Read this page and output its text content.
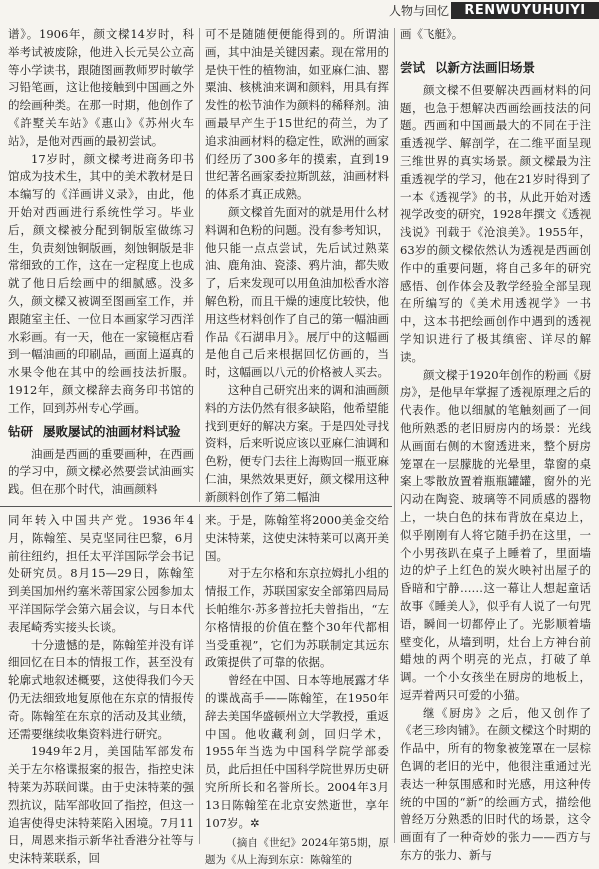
人物与回忆	RENWUYUHUIYI

谱》。1906年，颜文樑14岁时，科举考试被废除，他进入长元吴公立高等小学读书，跟随图画教师罗时敏学习铅笔画，这让他接触到中国画之外的绘画种类。在那一时期，他创作了《許墅关车站》《惠山》《苏州火车站》，是他对西画的最初尝试。

17岁时，颜文樑考进商务印书馆成为技术生，其中的美术教材是日本编写的《洋画讲义录》，由此，他开始对西画进行系统性学习。毕业后，颜文樑被分配到铜版室做练习生，负责刻蚀铜版画，刻蚀铜版是非常细致的工作，这在一定程度上也成就了他日后绘画中的细腻感。没多久，颜文樑又被调至图画室工作，并跟随室主任、一位日本画家学习西洋水彩画。有一天，他在一家镜框店看到一幅油画的印刷品，画面上逼真的水果令他在其中的绘画技法折服。1912年，颜文樑辞去商务印书馆的工作，回到苏州专心学画。

钻研 屡败屡试的油画材料试验

油画是西画的重要画种，在西画的学习中，颜文樑必然要尝试油画实践。但在那个时代，油画颜料

可不是随随便便能得到的。所谓油画，其中油是关键因素。现在常用的是快干性的植物油，如亚麻仁油、罂粟油、核桃油来调和颜料，用具有挥发性的松节油作为颜料的稀释剂。油画最早产生于15世纪的荷兰，为了追求油画材料的稳定性，欧洲的画家们经历了300多年的摸索，直到19世纪著名画家委拉斯凯兹，油画材料的体系才真正成熟。

颜文樑首先面对的就是用什么材料调和色粉的问题。没有参考知识，他只能一点点尝试，先后试过熟菜油、鹿角油、瓷漆、鸦片油，都失败了，后来发现可以用鱼油加松香水溶解色粉，而且干燥的速度比较快，他用这些材料创作了自己的第一幅油画作品《石湖串月》。展厅中的这幅画是他自己后来根据回忆仿画的，当时，这幅画以八元的价格被人买去。

这种自己研究出来的调和油画颜料的方法仍然有很多缺陷，他希望能找到更好的解决方案。于是四处寻找资料，后来听说应该以亚麻仁油调和色粉，便专门去往上海购回一瓶亚麻仁油，果然效果更好，颜文樑用这种新颜料创作了第二幅油

画《飞艇》。

尝试 以新方法画旧场景

颜文樑不但要解决西画材料的问题，也急于想解决西画绘画技法的问题。西画和中国画最大的不同在于注重透视学、解剖学，在二维平面呈现三维世界的真实场景。颜文樑最为注重透视学的学习，他在21岁时得到了一本《透视学》的书，从此开始对透视学改变的研究，1928年撰文《透视浅说》刊载于《沧浪美》。1955年，63岁的颜文樑依然认为透视是西画创作中的重要问题，将自己多年的研究感悟、创作体会及教学经验全部呈现在所编写的《美术用透视学》一书中，这本书把绘画创作中遇到的透视学知识进行了极其缜密、详尽的解读。

颜文樑于1920年创作的粉画《厨房》，是他早年掌握了透视原理之后的代表作。他以细腻的笔触刻画了一间他所熟悉的老旧厨房内的场景：光线从画面右侧的木窗透进来，整个厨房笼罩在一层朦胧的光晕里，靠窗的桌案上零散放置着瓶瓶罐罐，窗外的光闪动在陶瓷、玻璃等不同质感的器物上，一块白色的抹布背放在桌边上，似乎刚刚有人将它随手扔在这里，一个小男孩趴在桌子上睡着了，里面墙边的炉子上红色的炭火映衬出屋子的昏暗和宁静……这一幕让人想起童话故事《睡美人》，似乎有人说了一句咒语，瞬间一切都停止了。光影顺着墙壁变化，从墙到明，灶台上方神台前蜡烛的两个明亮的光点，打破了单调。一个小女孩坐在厨房的地板上，逗弄着两只可爱的小猫。

继《厨房》之后，他又创作了《老三珍肉铺》。在颜文樑这个时期的作品中，所有的物象被笼罩在一层棕色调的老旧的光中，他很注重通过光表达一种氛围感和时光感，用这种传统的中国的“新”的绘画方式，描绘他曾经万分熟悉的旧时代的场景，这令画面有了一种奇妙的张力——西方与东方的张力、新与

同年转入中国共产党。1936年4月，陈翰笙、吴克坚同往巴黎，6月前往纽约，担任太平洋国际学会书记处研究员。8月15—29日，陈翰笙到美国加州约塞米蒂国家公园参加太平洋国际学会第六届会议，与日本代表尾崎秀实接头长谈。

十分遗憾的是，陈翰笙并没有详细回忆在日本的情报工作，甚至没有轮廓式地叙述概要，这使得我们今天仍无法细致地复原他在东京的情报传奇。陈翰笙在东京的活动及其业绩，还需要继续收集资料进行研究。

1949年2月，美国陆军部发布关于左尔格谍报案的报告，指控史沫特莱为苏联间谍。由于史沫特莱的强烈抗议，陆军部收回了指控，但这一追害使得史沫特莱陷入困境。7月11日，周恩来指示新华社香港分社等与史沫特莱联系，回

来。于是，陈翰笙将2000美金交给史沫特莱，这使史沫特莱可以离开美国。

对于左尔格和东京拉姆扎小组的情报工作，苏联国家安全部第四局局长帕维尔·苏多普拉托夫曾指出，“左尔格情报的价值在整个30年代都相当受重视”，它们为苏联制定其远东政策提供了可靠的依据。

曾经在中国、日本等地展露才华的谍战高手——陈翰笙，在1950年辞去美国华盛顿州立大学教授，重返中国。他收藏利剑，回归学术，1955年当选为中国科学院学部委员，此后担任中国科学院世界历史研究所所长和名誉所长。2004年3月13日陈翰笙在北京安然逝世，享年107岁。✲

（摘自《世纪》2024年第5期，原题为《从上海到东京：陈翰笙的
